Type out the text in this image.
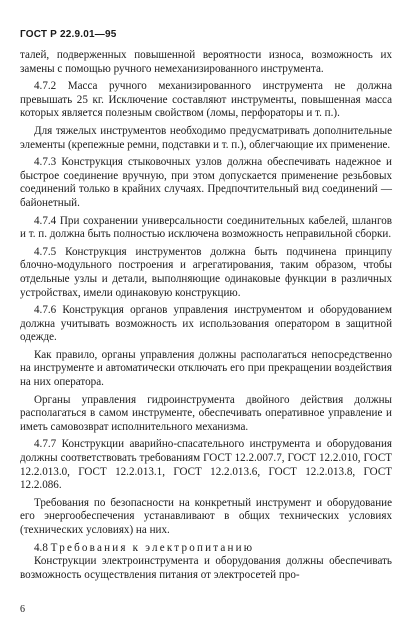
ГОСТ Р 22.9.01—95

талей, подверженных повышенной вероятности износа, возможность их замены с помощью ручного немеханизированного инструмента.

4.7.2 Масса ручного механизированного инструмента не должна превышать 25 кг. Исключение составляют инструменты, повышенная масса которых является полезным свойством (ломы, перфораторы и т. п.).

Для тяжелых инструментов необходимо предусматривать дополнительные элементы (крепежные ремни, подставки и т. п.), облегчающие их применение.

4.7.3 Конструкция стыковочных узлов должна обеспечивать надежное и быстрое соединение вручную, при этом допускается применение резьбовых соединений только в крайних случаях. Предпочтительный вид соединений — байонетный.

4.7.4 При сохранении универсальности соединительных кабелей, шлангов и т. п. должна быть полностью исключена возможность неправильной сборки.

4.7.5 Конструкция инструментов должна быть подчинена принципу блочно-модульного построения и агрегатирования, таким образом, чтобы отдельные узлы и детали, выполняющие одинаковые функции в различных устройствах, имели одинаковую конструкцию.

4.7.6 Конструкция органов управления инструментом и оборудованием должна учитывать возможность их использования оператором в защитной одежде.

Как правило, органы управления должны располагаться непосредственно на инструменте и автоматически отключать его при прекращении воздействия на них оператора.

Органы управления гидроинструмента двойного действия должны располагаться в самом инструменте, обеспечивать оперативное управление и иметь самовозврат исполнительного механизма.

4.7.7 Конструкции аварийно-спасательного инструмента и оборудования должны соответствовать требованиям ГОСТ 12.2.007.7, ГОСТ 12.2.010, ГОСТ 12.2.013.0, ГОСТ 12.2.013.1, ГОСТ 12.2.013.6, ГОСТ 12.2.013.8, ГОСТ 12.2.086.

Требования по безопасности на конкретный инструмент и оборудование его энергообеспечения устанавливают в общих технических условиях (технических условиях) на них.

4.8 Требования к электропитанию

Конструкции электроинструмента и оборудования должны обеспечивать возможность осуществления питания от электросетей про-

6
